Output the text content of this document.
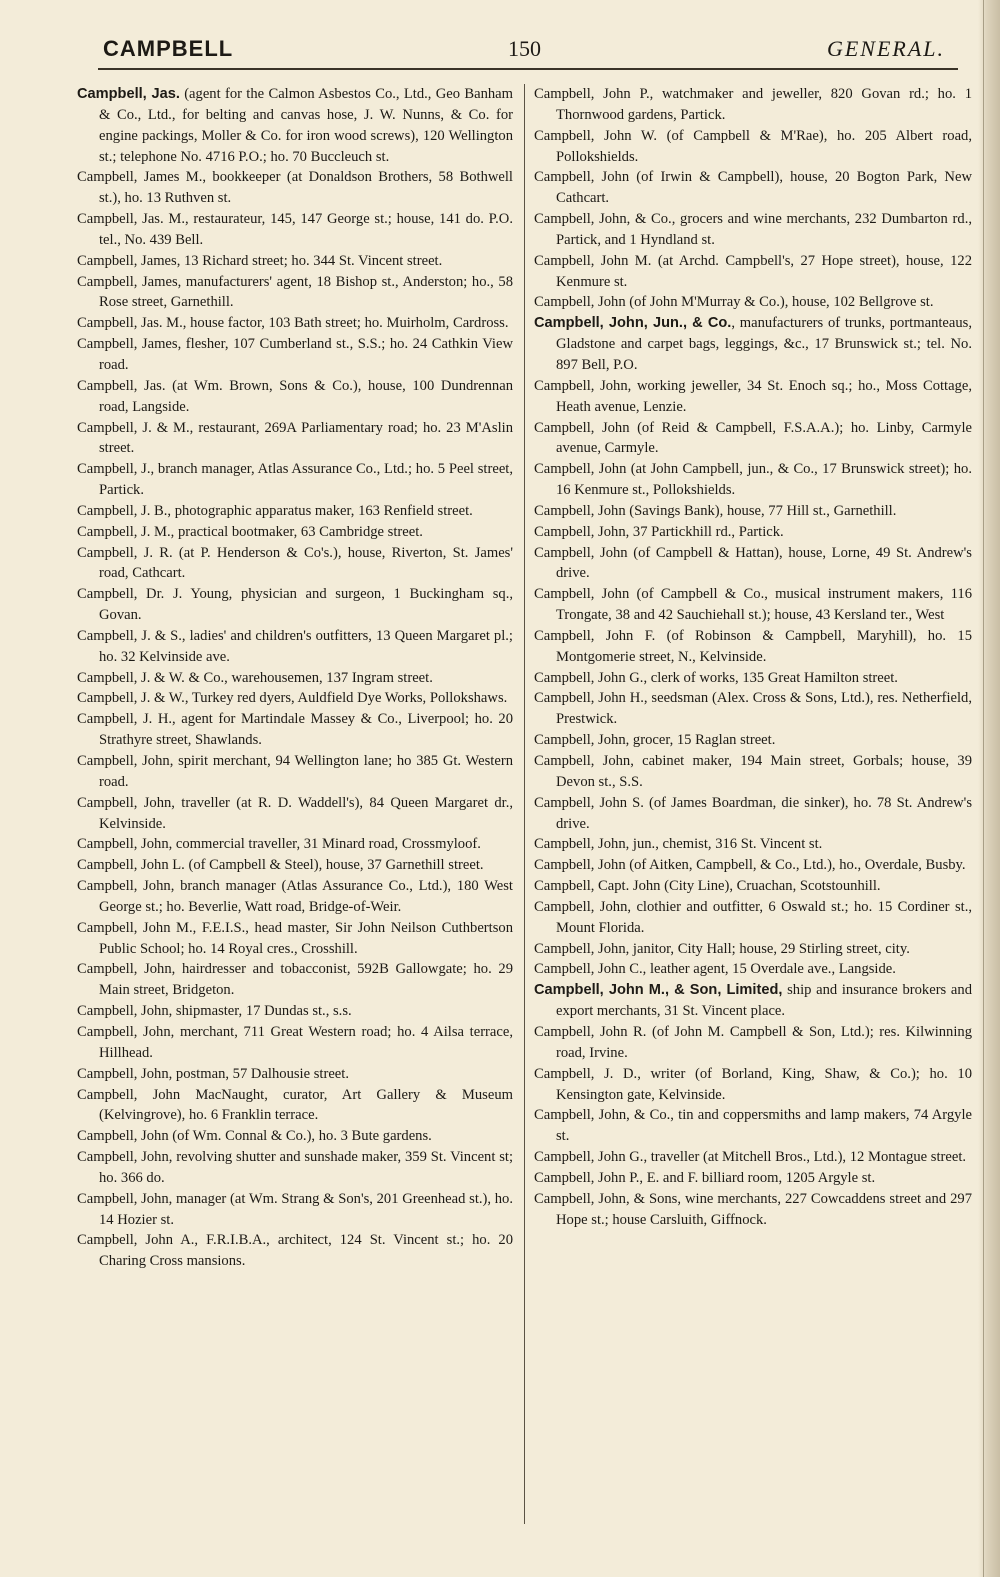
CAMPBELL	150	GENERAL.
Campbell, Jas. (agent for the Calmon Asbestos Co., Ltd., Geo Banham & Co., Ltd., for belting and canvas hose, J. W. Nunns, & Co. for engine packings, Moller & Co. for iron wood screws), 120 Wellington st.; telephone No. 4716 P.O.; ho. 70 Buccleuch st.
Campbell, James M., bookkeeper (at Donaldson Brothers, 58 Bothwell st.), ho. 13 Ruthven st.
Campbell, Jas. M., restaurateur, 145, 147 George st.; house, 141 do. P.O. tel., No. 439 Bell.
Campbell, James, 13 Richard street; ho. 344 St. Vincent street.
Campbell, James, manufacturers' agent, 18 Bishop st., Anderston; ho., 58 Rose street, Garnethill.
Campbell, Jas. M., house factor, 103 Bath street; ho. Muirholm, Cardross.
Campbell, James, flesher, 107 Cumberland st., S.S.; ho. 24 Cathkin View road.
Campbell, Jas. (at Wm. Brown, Sons & Co.), house, 100 Dundrennan road, Langside.
Campbell, J. & M., restaurant, 269A Parliamentary road; ho. 23 M'Aslin street.
Campbell, J., branch manager, Atlas Assurance Co., Ltd.; ho. 5 Peel street, Partick.
Campbell, J. B., photographic apparatus maker, 163 Renfield street.
Campbell, J. M., practical bootmaker, 63 Cambridge street.
Campbell, J. R. (at P. Henderson & Co's.), house, Riverton, St. James' road, Cathcart.
Campbell, Dr. J. Young, physician and surgeon, 1 Buckingham sq., Govan.
Campbell, J. & S., ladies' and children's outfitters, 13 Queen Margaret pl.; ho. 32 Kelvinside ave.
Campbell, J. & W. & Co., warehousemen, 137 Ingram street.
Campbell, J. & W., Turkey red dyers, Auldfield Dye Works, Pollokshaws.
Campbell, J. H., agent for Martindale Massey & Co., Liverpool; ho. 20 Strathyre street, Shawlands.
Campbell, John, spirit merchant, 94 Wellington lane; ho 385 Gt. Western road.
Campbell, John, traveller (at R. D. Waddell's), 84 Queen Margaret dr., Kelvinside.
Campbell, John, commercial traveller, 31 Minard road, Crossmyloof.
Campbell, John L. (of Campbell & Steel), house, 37 Garnethill street.
Campbell, John, branch manager (Atlas Assurance Co., Ltd.), 180 West George st.; ho. Beverlie, Watt road, Bridge-of-Weir.
Campbell, John M., F.E.I.S., head master, Sir John Neilson Cuthbertson Public School; ho. 14 Royal cres., Crosshill.
Campbell, John, hairdresser and tobacconist, 592B Gallowgate; ho. 29 Main street, Bridgeton.
Campbell, John, shipmaster, 17 Dundas st., s.s.
Campbell, John, merchant, 711 Great Western road; ho. 4 Ailsa terrace, Hillhead.
Campbell, John, postman, 57 Dalhousie street.
Campbell, John MacNaught, curator, Art Gallery & Museum (Kelvingrove), ho. 6 Franklin terrace.
Campbell, John (of Wm. Connal & Co.), ho. 3 Bute gardens.
Campbell, John, revolving shutter and sunshade maker, 359 St. Vincent st; ho. 366 do.
Campbell, John, manager (at Wm. Strang & Son's, 201 Greenhead st.), ho. 14 Hozier st.
Campbell, John A., F.R.I.B.A., architect, 124 St. Vincent st.; ho. 20 Charing Cross mansions.
Campbell, John P., watchmaker and jeweller, 820 Govan rd.; ho. 1 Thornwood gardens, Partick.
Campbell, John W. (of Campbell & M'Rae), ho. 205 Albert road, Pollokshields.
Campbell, John (of Irwin & Campbell), house, 20 Bogton Park, New Cathcart.
Campbell, John, & Co., grocers and wine merchants, 232 Dumbarton rd., Partick, and 1 Hyndland st.
Campbell, John M. (at Archd. Campbell's, 27 Hope street), house, 122 Kenmure st.
Campbell, John (of John M'Murray & Co.), house, 102 Bellgrove st.
Campbell, John, Jun., & Co., manufacturers of trunks, portmanteaus, Gladstone and carpet bags, leggings, &c., 17 Brunswick st.; tel. No. 897 Bell, P.O.
Campbell, John, working jeweller, 34 St. Enoch sq.; ho., Moss Cottage, Heath avenue, Lenzie.
Campbell, John (of Reid & Campbell, F.S.A.A.); ho. Linby, Carmyle avenue, Carmyle.
Campbell, John (at John Campbell, jun., & Co., 17 Brunswick street); ho. 16 Kenmure st., Pollokshields.
Campbell, John (Savings Bank), house, 77 Hill st., Garnethill.
Campbell, John, 37 Partickhill rd., Partick.
Campbell, John (of Campbell & Hattan), house, Lorne, 49 St. Andrew's drive.
Campbell, John (of Campbell & Co., musical instrument makers, 116 Trongate, 38 and 42 Sauchiehall st.); house, 43 Kersland ter., West
Campbell, John F. (of Robinson & Campbell, Maryhill), ho. 15 Montgomerie street, N., Kelvinside.
Campbell, John G., clerk of works, 135 Great Hamilton street.
Campbell, John H., seedsman (Alex. Cross & Sons, Ltd.), res. Netherfield, Prestwick.
Campbell, John, grocer, 15 Raglan street.
Campbell, John, cabinet maker, 194 Main street, Gorbals; house, 39 Devon st., S.S.
Campbell, John S. (of James Boardman, die sinker), ho. 78 St. Andrew's drive.
Campbell, John, jun., chemist, 316 St. Vincent st.
Campbell, John (of Aitken, Campbell, & Co., Ltd.), ho., Overdale, Busby.
Campbell, Capt. John (City Line), Cruachan, Scotstounhill.
Campbell, John, clothier and outfitter, 6 Oswald st.; ho. 15 Cordiner st., Mount Florida.
Campbell, John, janitor, City Hall; house, 29 Stirling street, city.
Campbell, John C., leather agent, 15 Overdale ave., Langside.
Campbell, John M., & Son, Limited, ship and insurance brokers and export merchants, 31 St. Vincent place.
Campbell, John R. (of John M. Campbell & Son, Ltd.); res. Kilwinning road, Irvine.
Campbell, J. D., writer (of Borland, King, Shaw, & Co.); ho. 10 Kensington gate, Kelvinside.
Campbell, John, & Co., tin and coppersmiths and lamp makers, 74 Argyle st.
Campbell, John G., traveller (at Mitchell Bros., Ltd.), 12 Montague street.
Campbell, John P., E. and F. billiard room, 1205 Argyle st.
Campbell, John, & Sons, wine merchants, 227 Cowcaddens street and 297 Hope st.; house Carsluith, Giffnock.
